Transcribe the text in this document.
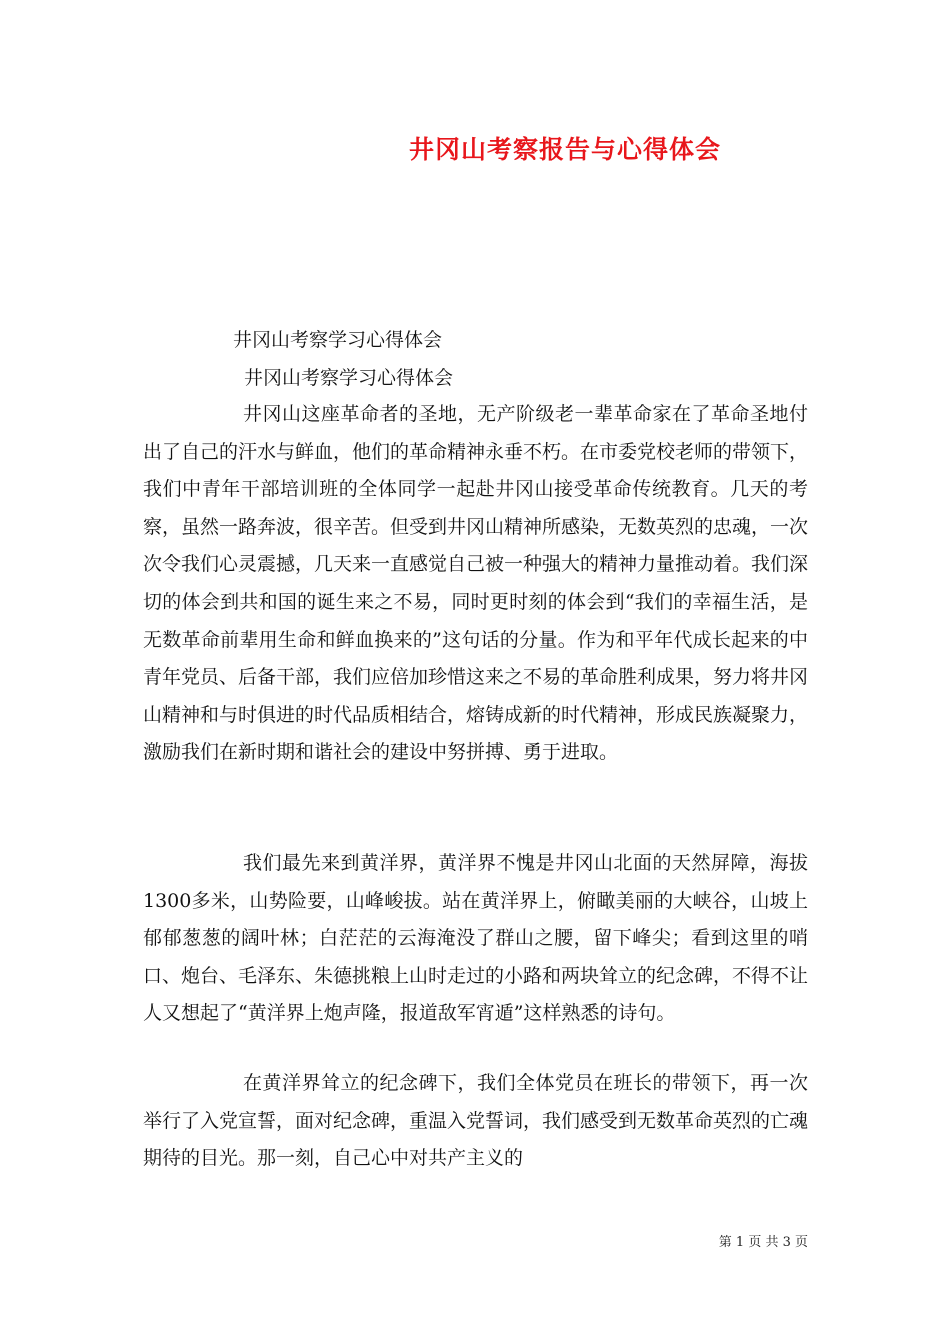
井冈山考察报告与心得体会
井冈山考察学习心得体会
井冈山考察学习心得体会

井冈山这座革命者的圣地，无产阶级老一辈革命家在了革命圣地付出了自己的汗水与鲜血，他们的革命精神永垂不朽。在市委党校老师的带领下，我们中青年干部培训班的全体同学一起赴井冈山接受革命传统教育。几天的考察，虽然一路奔波，很辛苦。但受到井冈山精神所感染，无数英烈的忠魂，一次次令我们心灵震撼，几天来一直感觉自己被一种强大的精神力量推动着。我们深切的体会到共和国的诞生来之不易，同时更时刻的体会到“我们的幸福生活，是无数革命前辈用生命和鲜血换来的”这句话的分量。作为和平年代成长起来的中青年党员、后备干部，我们应倍加珍惜这来之不易的革命胜利成果，努力将井冈山精神和与时俱进的时代品质相结合，熔铸成新的时代精神，形成民族凝聚力，激励我们在新时期和谐社会的建设中努拼搏、勇于进取。

我们最先来到黄洋界，黄洋界不愧是井冈山北面的天然屏障，海拔1300多米，山势险要，山峰峻拔。站在黄洋界上，俯瞰美丽的大峡谷，山坡上郁郁葱葱的阔叶林；白茫茫的云海淹没了群山之腰，留下峰尖；看到这里的哨口、炮台、毛泽东、朱德挑粮上山时走过的小路和两块耸立的纪念碑，不得不让人又想起了“黄洋界上炮声隆，报道敌军宵遁”这样熟悉的诗句。

在黄洋界耸立的纪念碑下，我们全体党员在班长的带领下，再一次举行了入党宣誓，面对纪念碑，重温入党誓词，我们感受到无数革命英烈的亡魂期待的目光。那一刻，自己心中对共产主义的

第 1 页 共 3 页
